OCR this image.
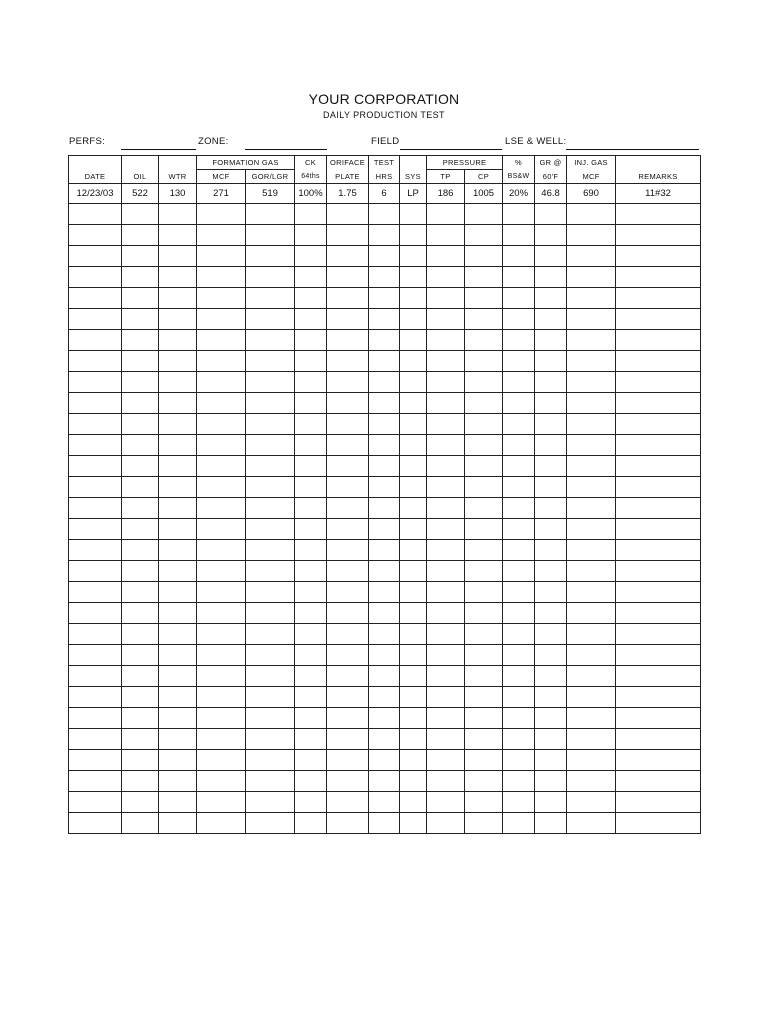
YOUR CORPORATION
DAILY PRODUCTION TEST
PERFS:	ZONE:	FIELD	LSE & WELL:
			FORMATION GAS		CK	ORIFACE	TEST		PRESSURE		%	GR @	INJ. GAS	
DATE	OIL	WTR	MCF	GOR/LGR	64ths	PLATE	HRS	SYS	TP	CP	BS&W	60'F	MCF	REMARKS
12/23/03	522	130	271	519	100%	1.75	6	LP	186	1005	20%	46.8	690	11#32
